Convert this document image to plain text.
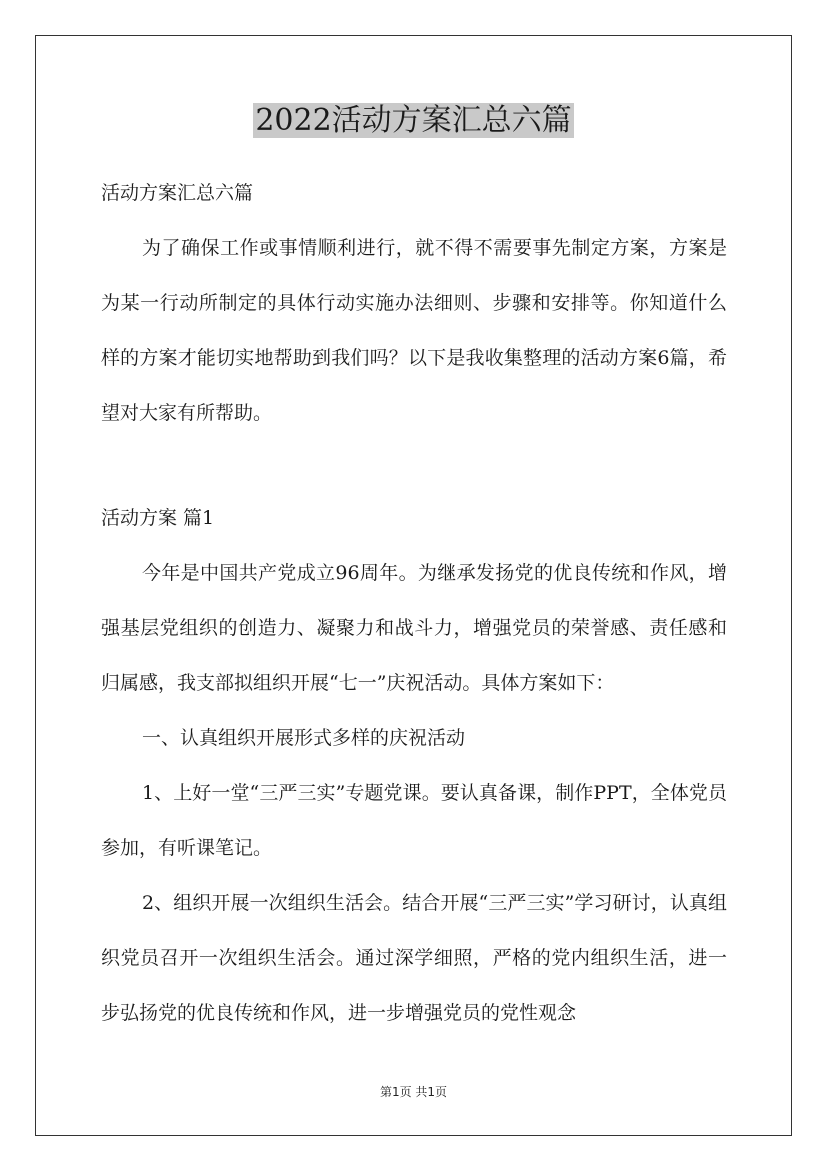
2022活动方案汇总六篇

活动方案汇总六篇

为了确保工作或事情顺利进行，就不得不需要事先制定方案，方案是为某一行动所制定的具体行动实施办法细则、步骤和安排等。你知道什么样的方案才能切实地帮助到我们吗？以下是我收集整理的活动方案6篇，希望对大家有所帮助。

活动方案 篇1

今年是中国共产党成立96周年。为继承发扬党的优良传统和作风，增强基层党组织的创造力、凝聚力和战斗力，增强党员的荣誉感、责任感和归属感，我支部拟组织开展“七一”庆祝活动。具体方案如下：

一、认真组织开展形式多样的庆祝活动

1、上好一堂“三严三实”专题党课。要认真备课，制作PPT，全体党员参加，有听课笔记。

2、组织开展一次组织生活会。结合开展“三严三实”学习研讨，认真组织党员召开一次组织生活会。通过深学细照，严格的党内组织生活，进一步弘扬党的优良传统和作风，进一步增强党员的党性观念

第1页 共1页
